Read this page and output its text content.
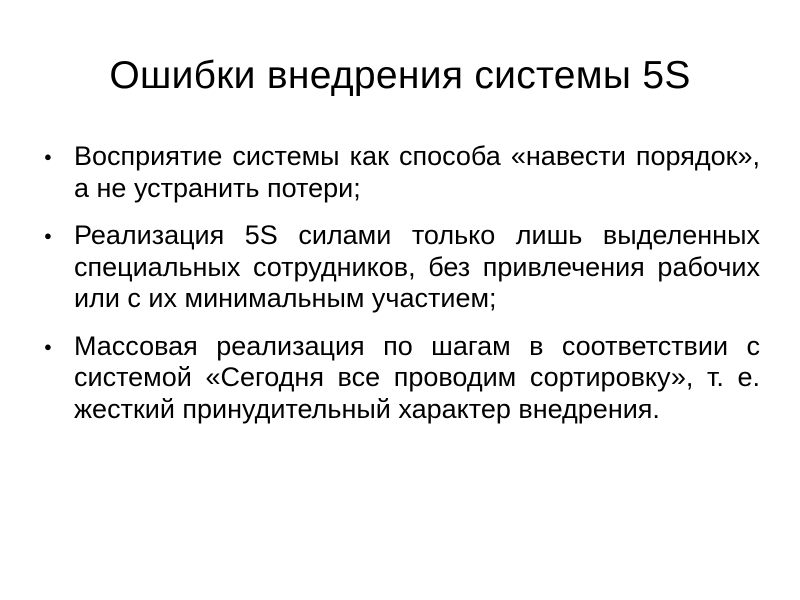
Ошибки внедрения системы 5S
● Восприятие системы как способа «навести порядок», а не устранить потери;
● Реализация 5S силами только лишь выделенных специальных сотрудников, без привлечения рабочих или с их минимальным участием;
● Массовая реализация по шагам в соответствии с системой «Сегодня все проводим сортировку», т. е. жесткий принудительный характер внедрения.
